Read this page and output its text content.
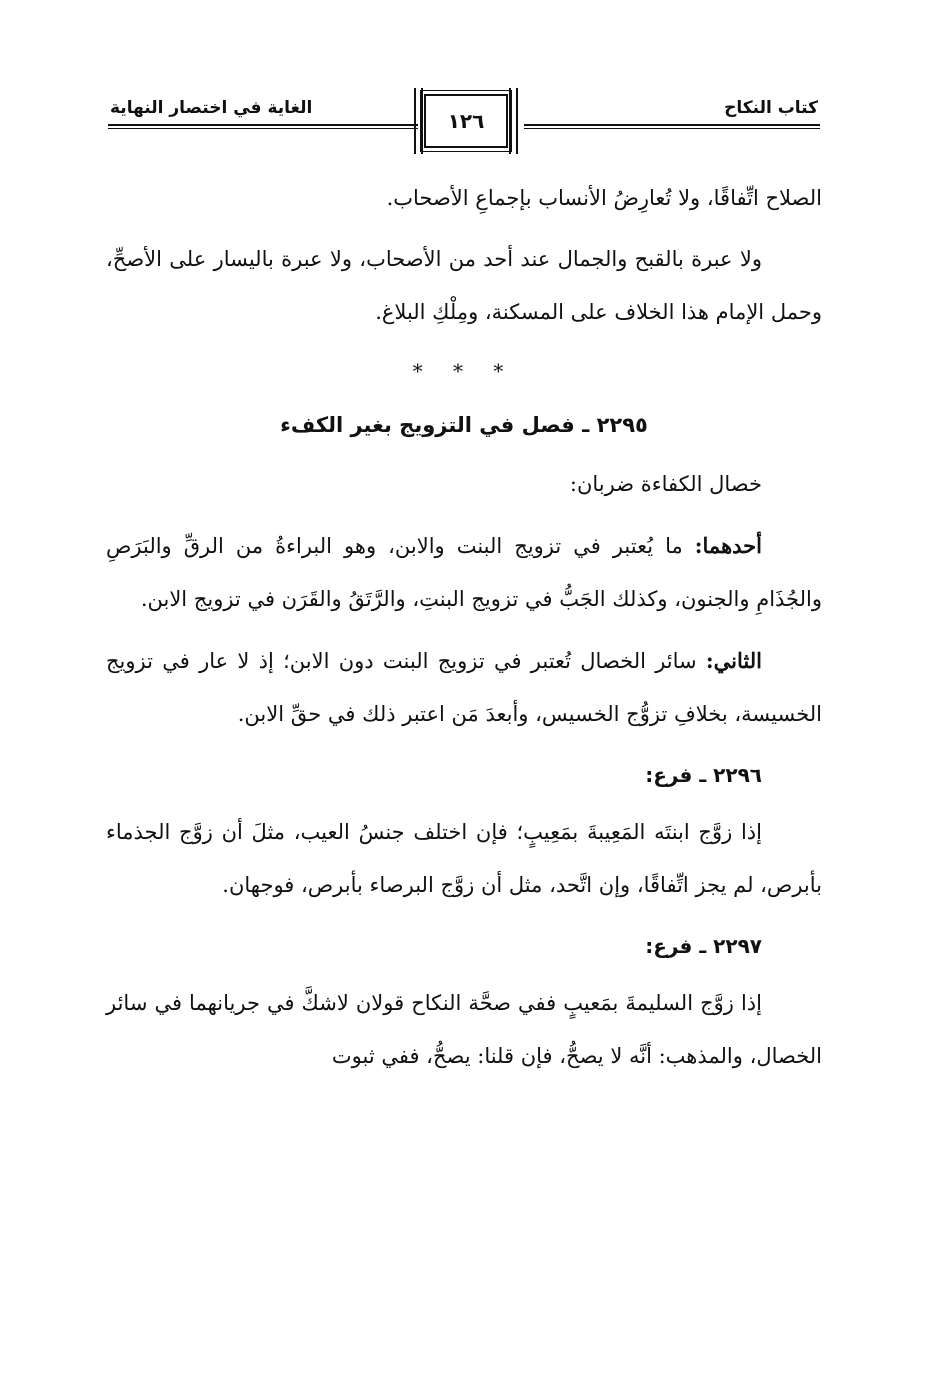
كتاب النكاح
الغاية في اختصار النهاية
١٢٦

الصلاح اتِّفاقًا، ولا تُعارِضُ الأنساب بإجماعِ الأصحاب.

ولا عبرة بالقبح والجمال عند أحد من الأصحاب، ولا عبرة باليسار على الأصحِّ، وحمل الإمام هذا الخلاف على المسكنة، ومِلْكِ البلاغ.

* * *
٢٢٩٥ ـ فصل في التزويج بغير الكفء

خصال الكفاءة ضربان:

أحدهما: ما يُعتبر في تزويج البنت والابن، وهو البراءةُ من الرقِّ والبَرَصِ والجُذَامِ والجنون، وكذلك الجَبُّ في تزويج البنتِ، والرَّتَقُ والقَرَن في تزويج الابن.

الثاني: سائر الخصال تُعتبر في تزويج البنت دون الابن؛ إذ لا عار في تزويج الخسيسة، بخلافِ تزوُّج الخسيس، وأبعدَ مَن اعتبر ذلك في حقِّ الابن.

٢٢٩٦ ـ فرع:

إذا زوَّج ابنتَه المَعِيبةَ بمَعِيبٍ؛ فإن اختلف جنسُ العيب، مثلَ أن زوَّج الجذماء بأبرص، لم يجز اتِّفاقًا، وإن اتَّحد، مثل أن زوَّج البرصاء بأبرص، فوجهان.

٢٢٩٧ ـ فرع:

إذا زوَّج السليمةَ بمَعيبٍ ففي صحَّة النكاح قولان لاشكَّ في جريانهما في سائر الخصال، والمذهب: أنَّه لا يصحُّ، فإن قلنا: يصحُّ، ففي ثبوت
